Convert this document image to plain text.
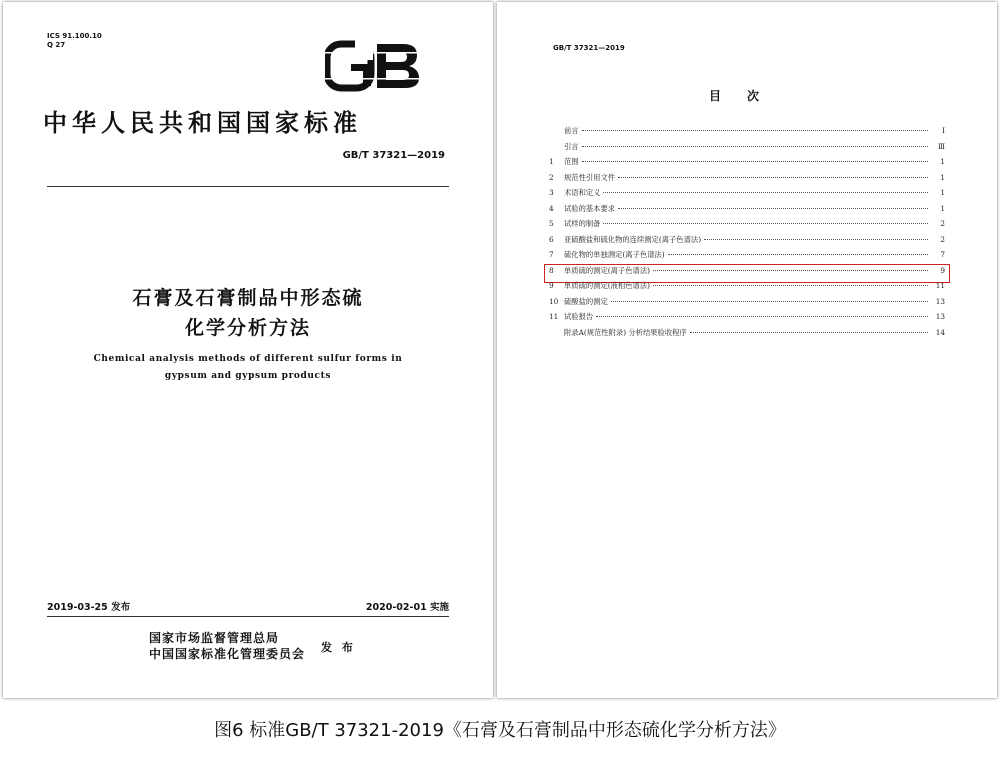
ICS 91.100.10
Q 27
中华人民共和国国家标准
GB/T 37321—2019
石膏及石膏制品中形态硫
化学分析方法
Chemical analysis methods of different sulfur forms in
gypsum and gypsum products
2019-03-25 发布	2020-02-01 实施
国家市场监督管理总局
中国国家标准化管理委员会 发 布
GB/T 37321—2019
目次
前言	Ⅰ
引言	Ⅲ
1	范围	1
2	规范性引用文件	1
3	术语和定义	1
4	试验的基本要求	1
5	试样的制备	2
6	亚硫酸盐和硫化物的连续测定(离子色谱法)	2
7	硫化物的单独测定(离子色谱法)	7
8	单质硫的测定(离子色谱法)	9
9	单质硫的测定(液相色谱法)	11
10 硫酸盐的测定	13
11 试验报告	13
附录A(规范性附录) 分析结果验收程序	14
图6 标准GB/T 37321-2019《石膏及石膏制品中形态硫化学分析方法》
